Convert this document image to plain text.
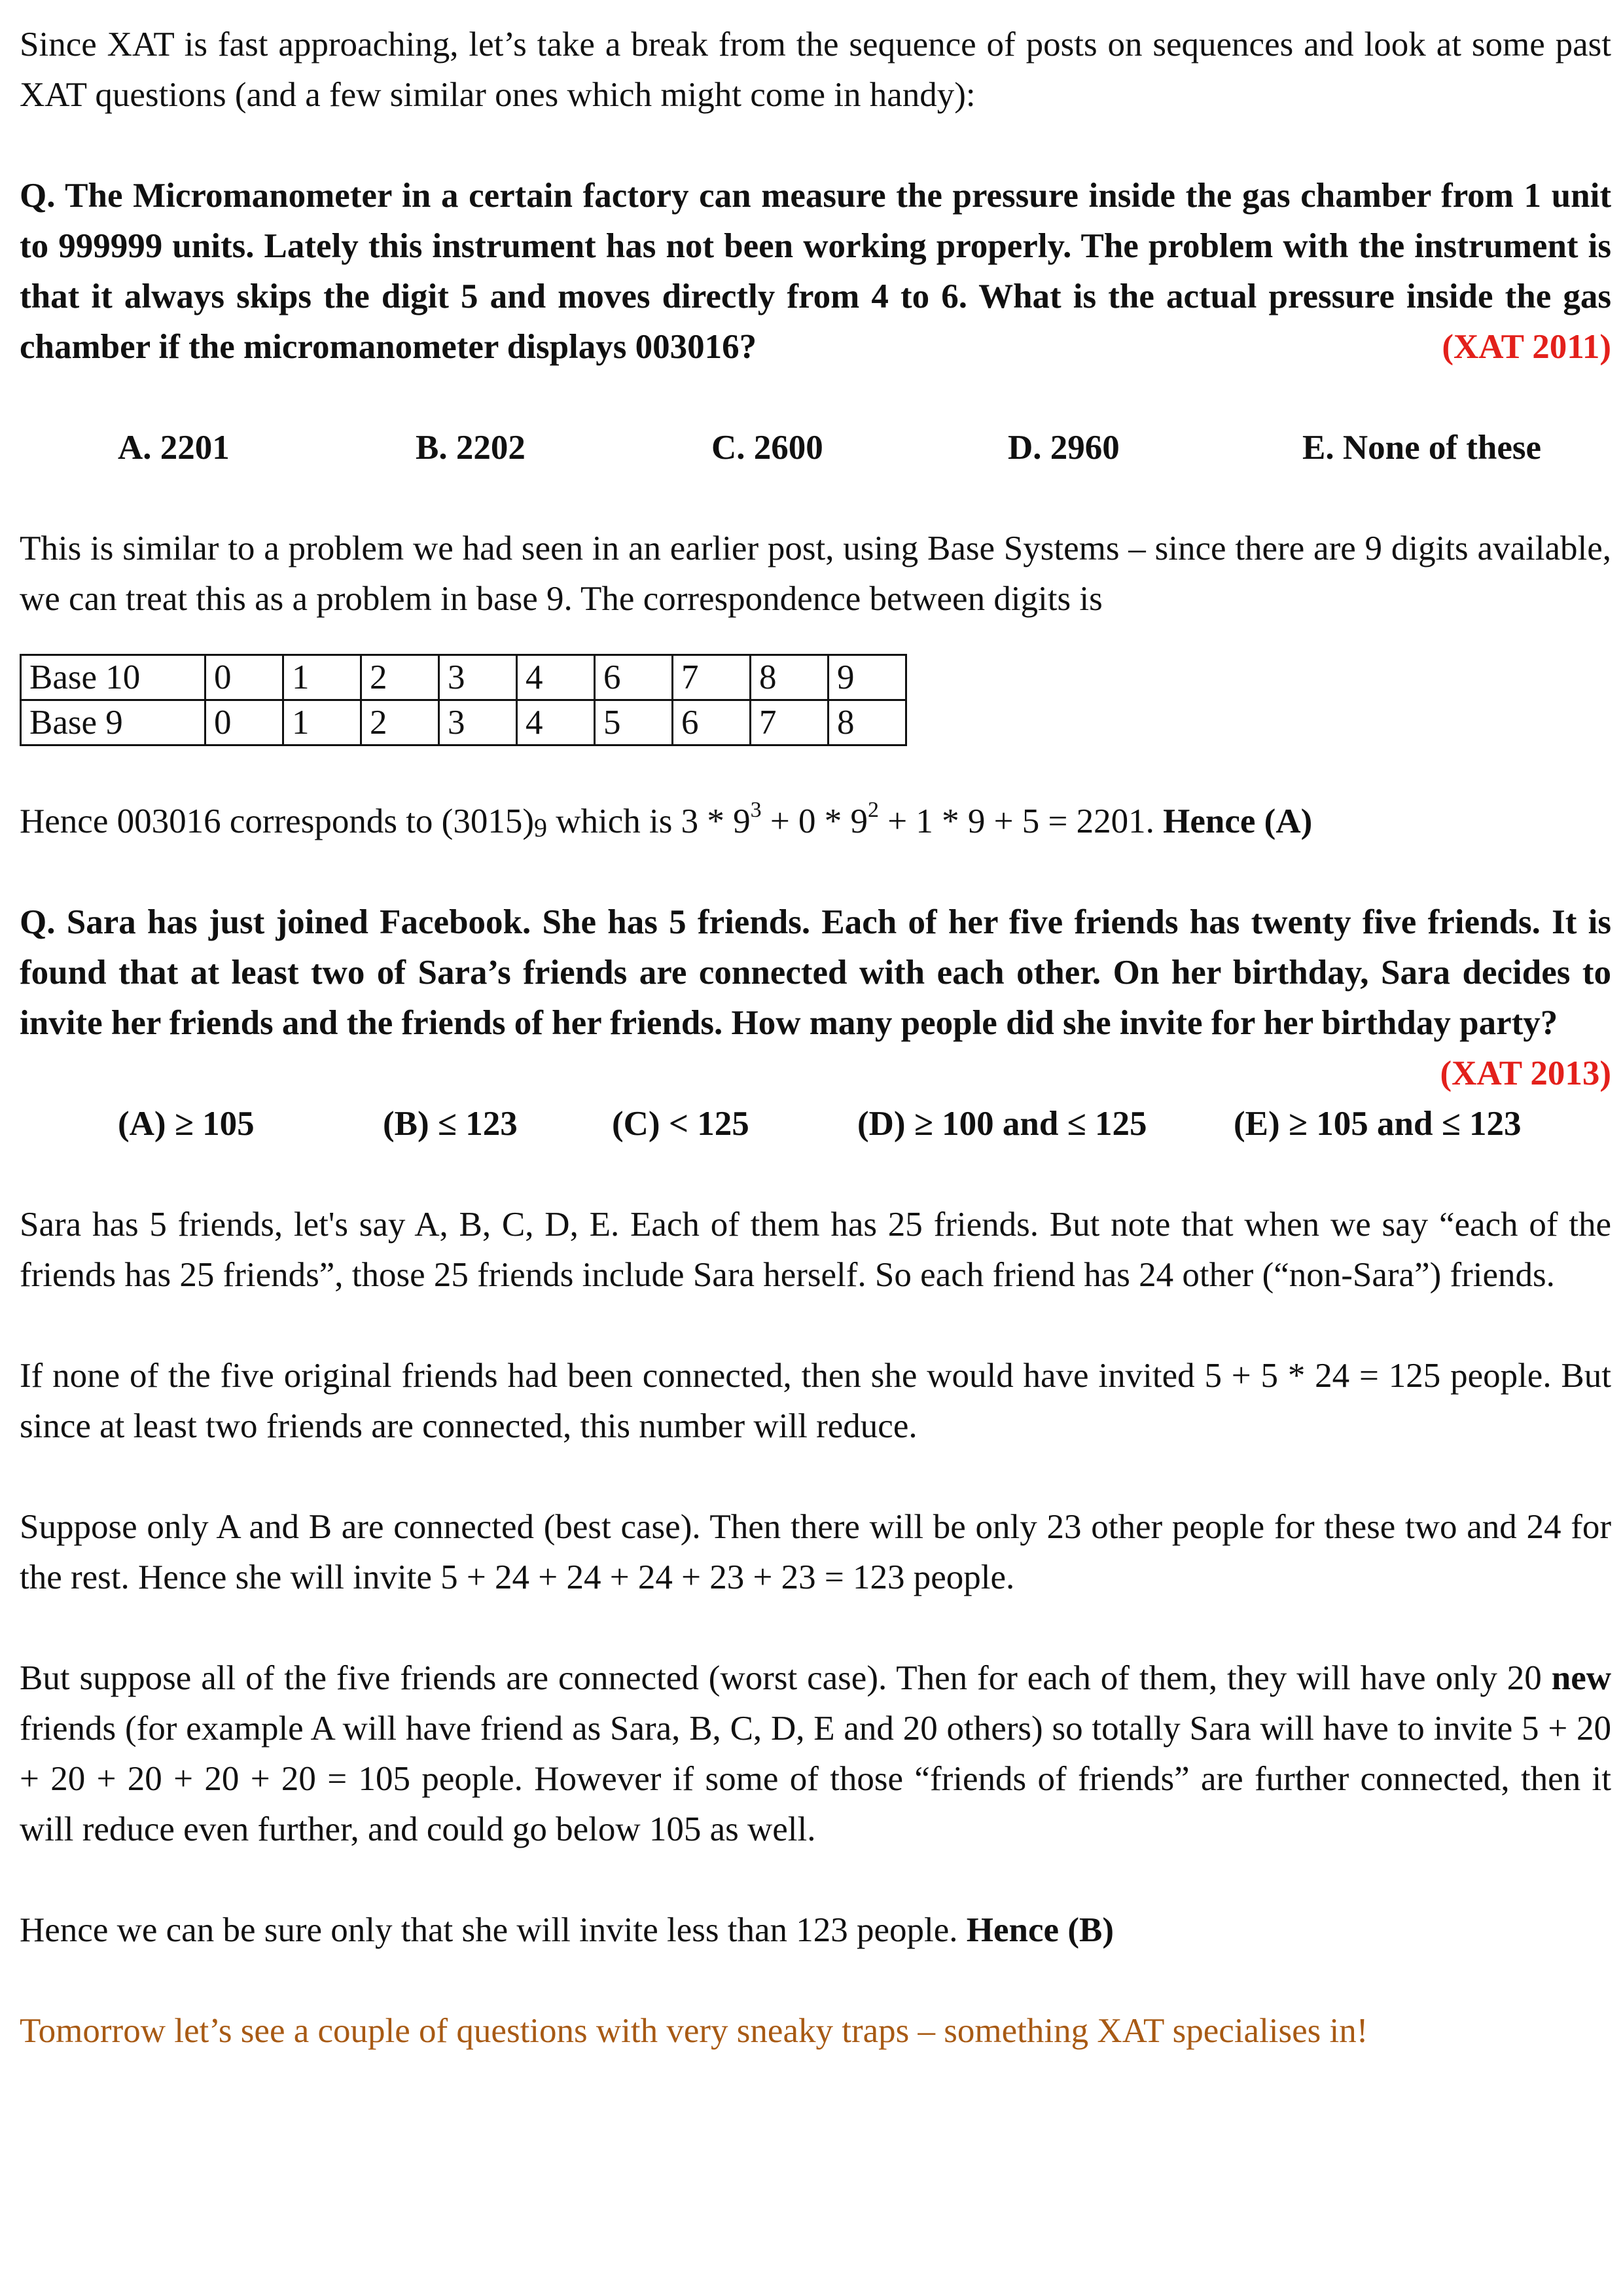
Since XAT is fast approaching, let’s take a break from the sequence of posts on sequences and look at some past XAT questions (and a few similar ones which might come in handy):

Q. The Micromanometer in a certain factory can measure the pressure inside the gas chamber from 1 unit to 999999 units. Lately this instrument has not been working properly. The problem with the instrument is that it always skips the digit 5 and moves directly from 4 to 6. What is the actual pressure inside the gas chamber if the micromanometer displays 003016?	(XAT 2011)

A. 2201	B. 2202	C. 2600	D. 2960	E. None of these

This is similar to a problem we had seen in an earlier post, using Base Systems – since there are 9 digits available, we can treat this as a problem in base 9. The correspondence between digits is

Base 10	0	1	2	3	4	6	7	8	9
Base 9	0	1	2	3	4	5	6	7	8

Hence 003016 corresponds to $(3015)_9$ which is $3 * 9^3 + 0 * 9^2 + 1 * 9 + 5 = 2201$. Hence (A)

Q. Sara has just joined Facebook. She has 5 friends. Each of her five friends has twenty five friends. It is found that at least two of Sara’s friends are connected with each other. On her birthday, Sara decides to invite her friends and the friends of her friends. How many people did she invite for her birthday party?
(XAT 2013)

(A) ≥ 105	(B) ≤ 123	(C) < 125	(D) ≥ 100 and ≤ 125	(E) ≥ 105 and ≤ 123

Sara has 5 friends, let's say A, B, C, D, E. Each of them has 25 friends. But note that when we say “each of the friends has 25 friends”, those 25 friends include Sara herself. So each friend has 24 other (“non-Sara”) friends.

If none of the five original friends had been connected, then she would have invited 5 + 5 * 24 = 125 people. But since at least two friends are connected, this number will reduce.

Suppose only A and B are connected (best case). Then there will be only 23 other people for these two and 24 for the rest. Hence she will invite 5 + 24 + 24 + 24 + 23 + 23 = 123 people.

But suppose all of the five friends are connected (worst case). Then for each of them, they will have only 20 new friends (for example A will have friend as Sara, B, C, D, E and 20 others) so totally Sara will have to invite 5 + 20 + 20 + 20 + 20 + 20 = 105 people. However if some of those “friends of friends” are further connected, then it will reduce even further, and could go below 105 as well.

Hence we can be sure only that she will invite less than 123 people. Hence (B)

Tomorrow let’s see a couple of questions with very sneaky traps – something XAT specialises in!
